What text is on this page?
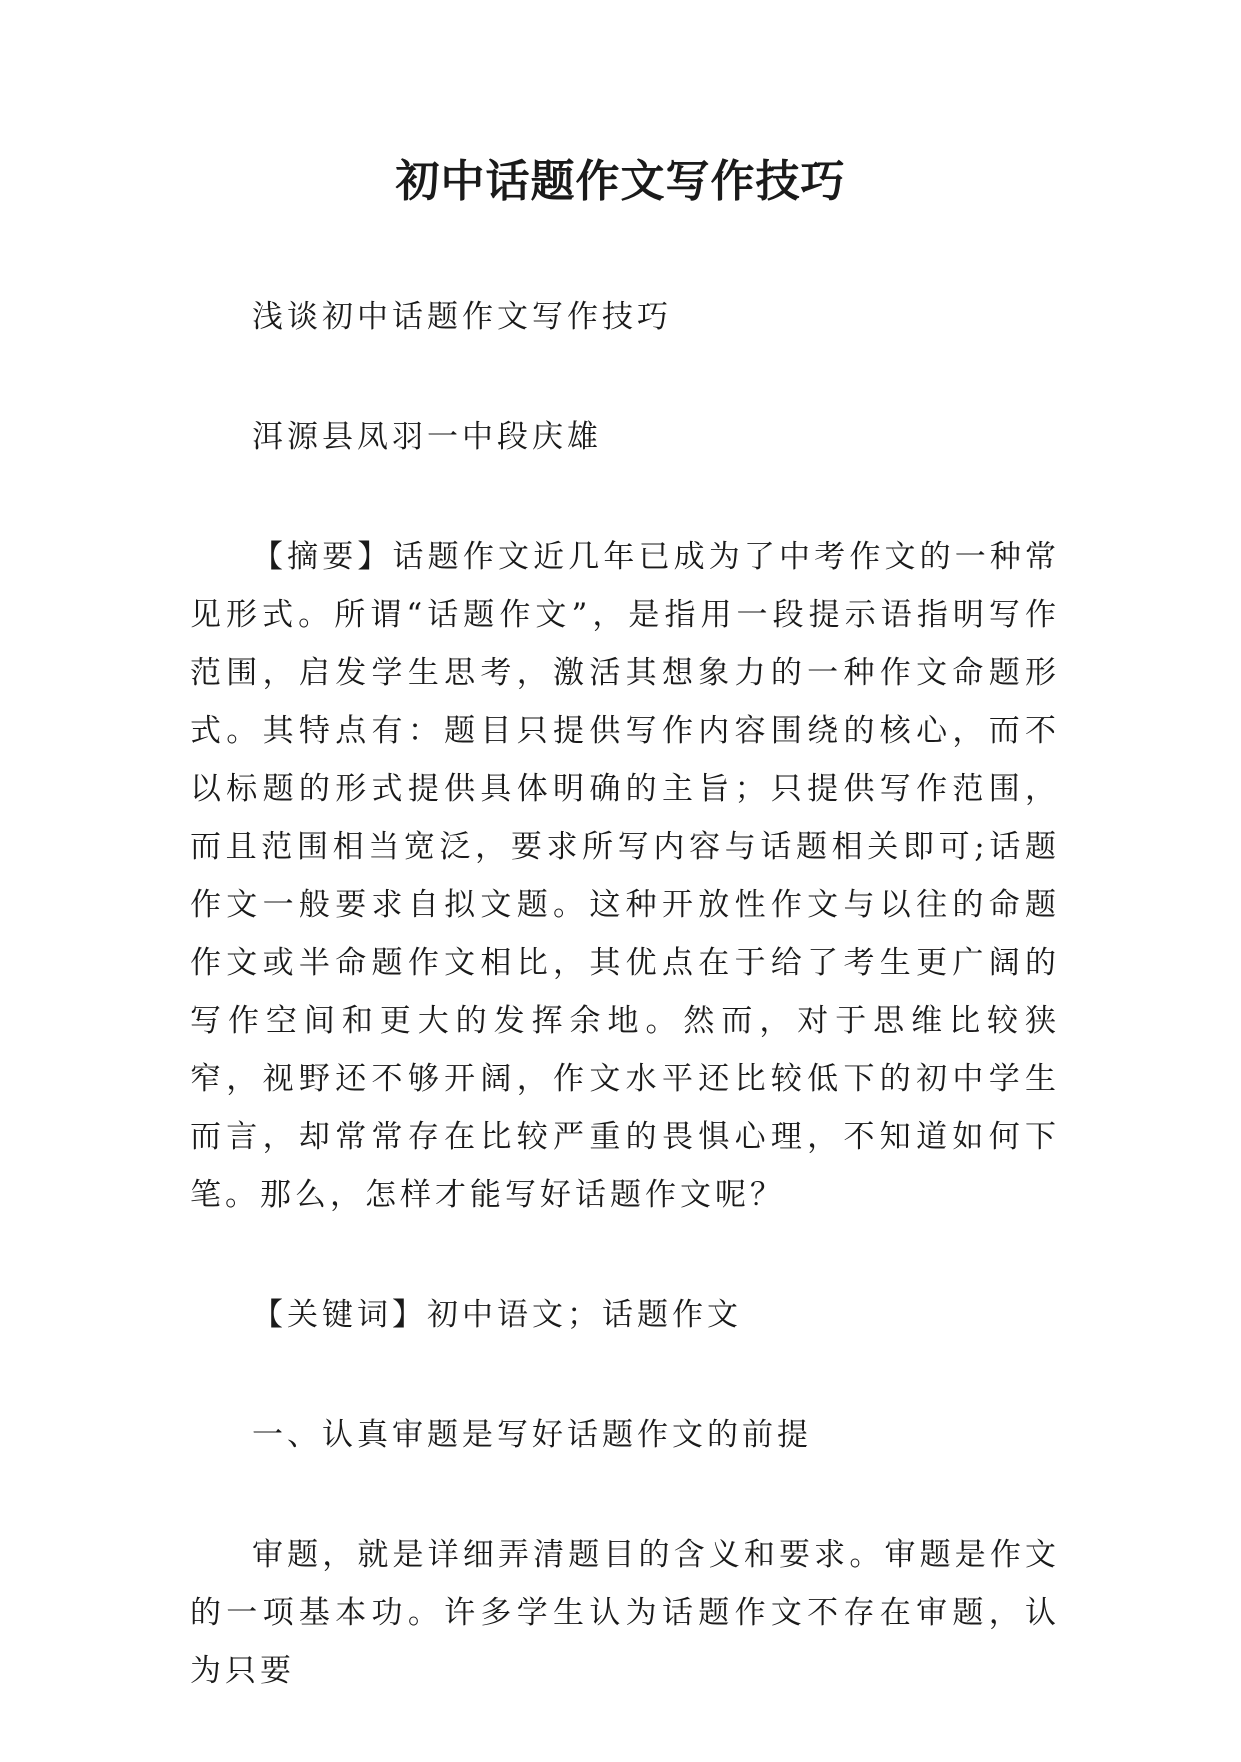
初中话题作文写作技巧

浅谈初中话题作文写作技巧

洱源县凤羽一中段庆雄

【摘要】话题作文近几年已成为了中考作文的一种常见形式。所谓“话题作文”，是指用一段提示语指明写作范围，启发学生思考，激活其想象力的一种作文命题形式。其特点有：题目只提供写作内容围绕的核心，而不以标题的形式提供具体明确的主旨；只提供写作范围，而且范围相当宽泛，要求所写内容与话题相关即可;话题作文一般要求自拟文题。这种开放性作文与以往的命题作文或半命题作文相比，其优点在于给了考生更广阔的写作空间和更大的发挥余地。然而，对于思维比较狭窄，视野还不够开阔，作文水平还比较低下的初中学生而言，却常常存在比较严重的畏惧心理，不知道如何下笔。那么，怎样才能写好话题作文呢？

【关键词】初中语文；话题作文

一、认真审题是写好话题作文的前提

审题，就是详细弄清题目的含义和要求。审题是作文的一项基本功。许多学生认为话题作文不存在审题，认为只要
